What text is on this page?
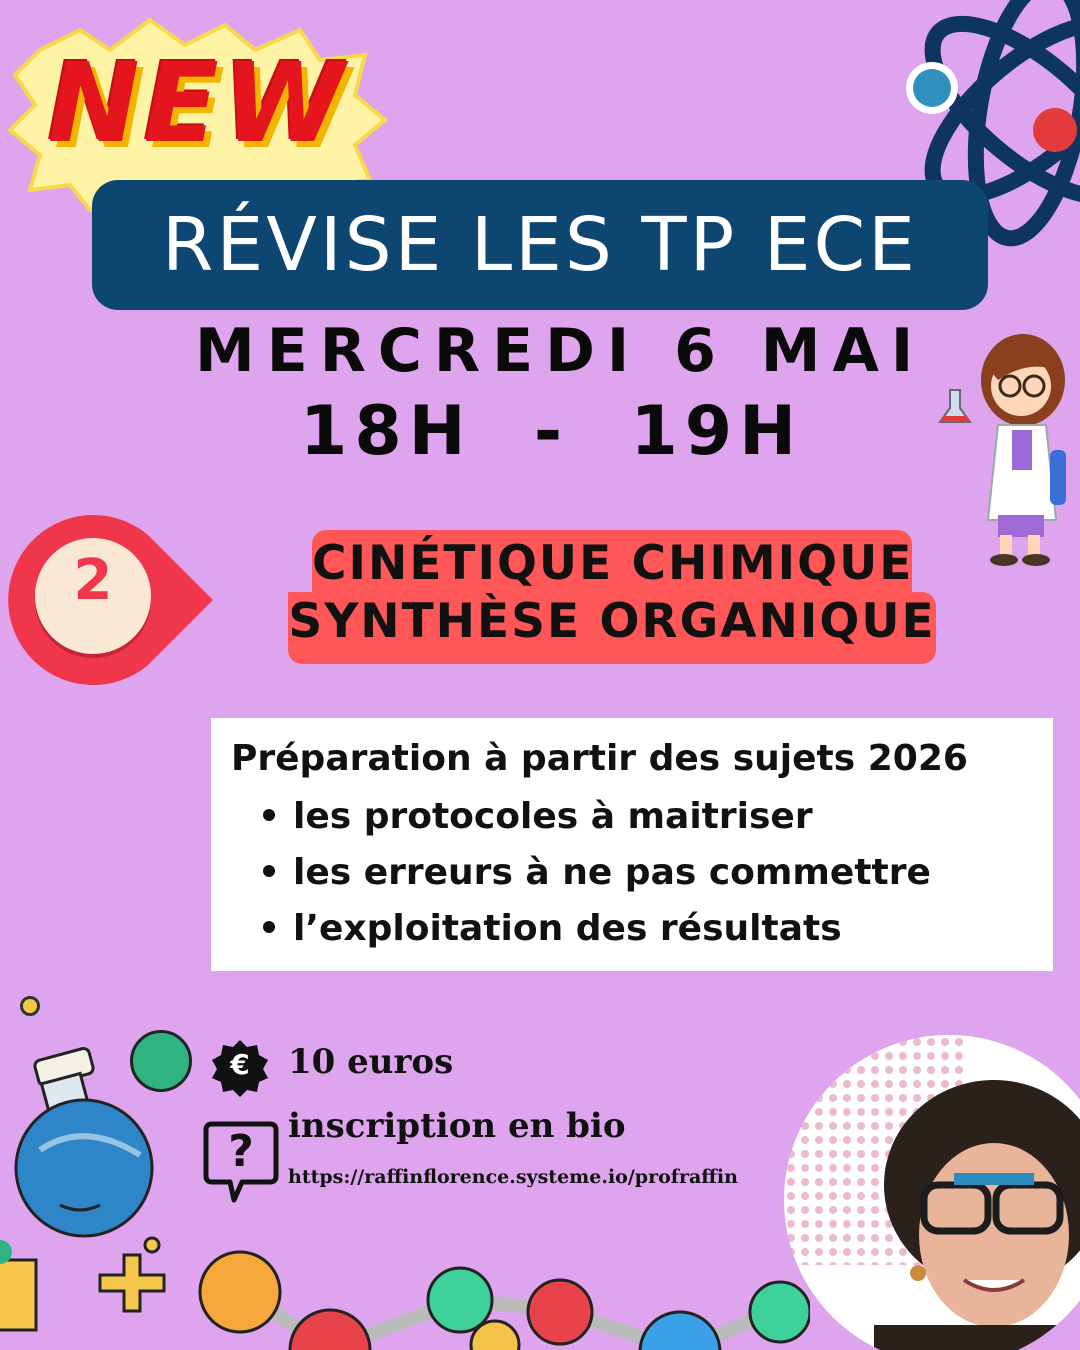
NEW
RÉVISE LES TP ECE
MERCREDI 6 MAI
18H  -  19H
2	CINÉTIQUE CHIMIQUE
SYNTHÈSE ORGANIQUE
Préparation à partir des sujets 2026
les protocoles à maitriser
les erreurs à ne pas commettre
l’exploitation des résultats
€	10 euros
?	inscription en bio
https://raffinflorence.systeme.io/profraffin
